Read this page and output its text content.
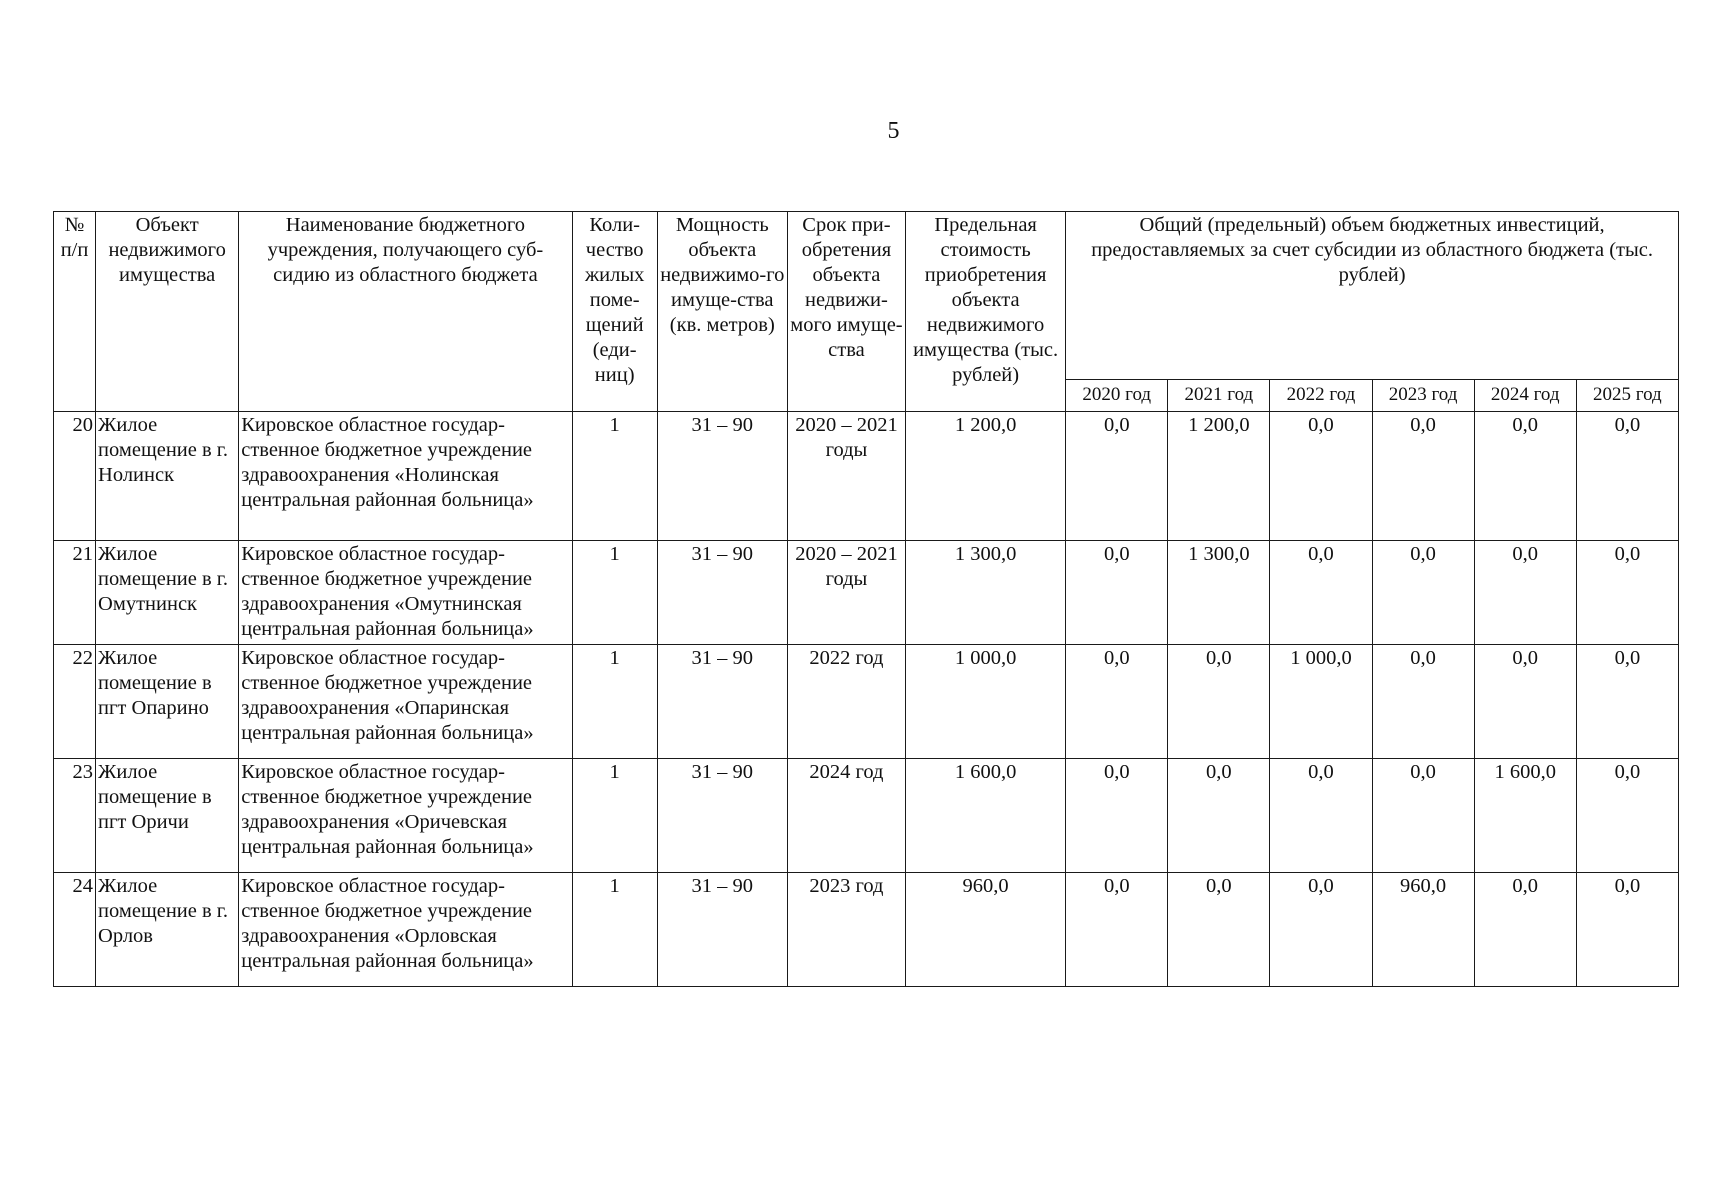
5
№ п/п	Объект недвижимого имущества	Наименование бюджетного учреждения, получающего суб-сидию из областного бюджета	Коли-чество жилых поме-щений (еди-ниц)	Мощность объекта недвижимо-го имуще-ства (кв. метров)	Срок при-обретения объекта недвижи-мого имуще-ства	Предельная стоимость приобретения объекта недвижимого имущества (тыс. рублей)	Общий (предельный) объем бюджетных инвестиций, предоставляемых за счет субсидии из областного бюджета (тыс. рублей)					
							2020 год	2021 год	2022 год	2023 год	2024 год	2025 год
20	Жилое помещение в г. Нолинск	Кировское областное государ-ственное бюджетное учреждение здравоохранения «Нолинская центральная районная больница»	1	31 – 90	2020 – 2021 годы	1 200,0	0,0	1 200,0	0,0	0,0	0,0	0,0
21	Жилое помещение в г. Омутнинск	Кировское областное государ-ственное бюджетное учреждение здравоохранения «Омутнинская центральная районная больница»	1	31 – 90	2020 – 2021 годы	1 300,0	0,0	1 300,0	0,0	0,0	0,0	0,0
22	Жилое помещение в пгт Опарино	Кировское областное государ-ственное бюджетное учреждение здравоохранения «Опаринская центральная районная больница»	1	31 – 90	2022 год	1 000,0	0,0	0,0	1 000,0	0,0	0,0	0,0
23	Жилое помещение в пгт Оричи	Кировское областное государ-ственное бюджетное учреждение здравоохранения «Оричевская центральная районная больница»	1	31 – 90	2024 год	1 600,0	0,0	0,0	0,0	0,0	1 600,0	0,0
24	Жилое помещение в г. Орлов	Кировское областное государ-ственное бюджетное учреждение здравоохранения «Орловская центральная районная больница»	1	31 – 90	2023 год	960,0	0,0	0,0	0,0	960,0	0,0	0,0
